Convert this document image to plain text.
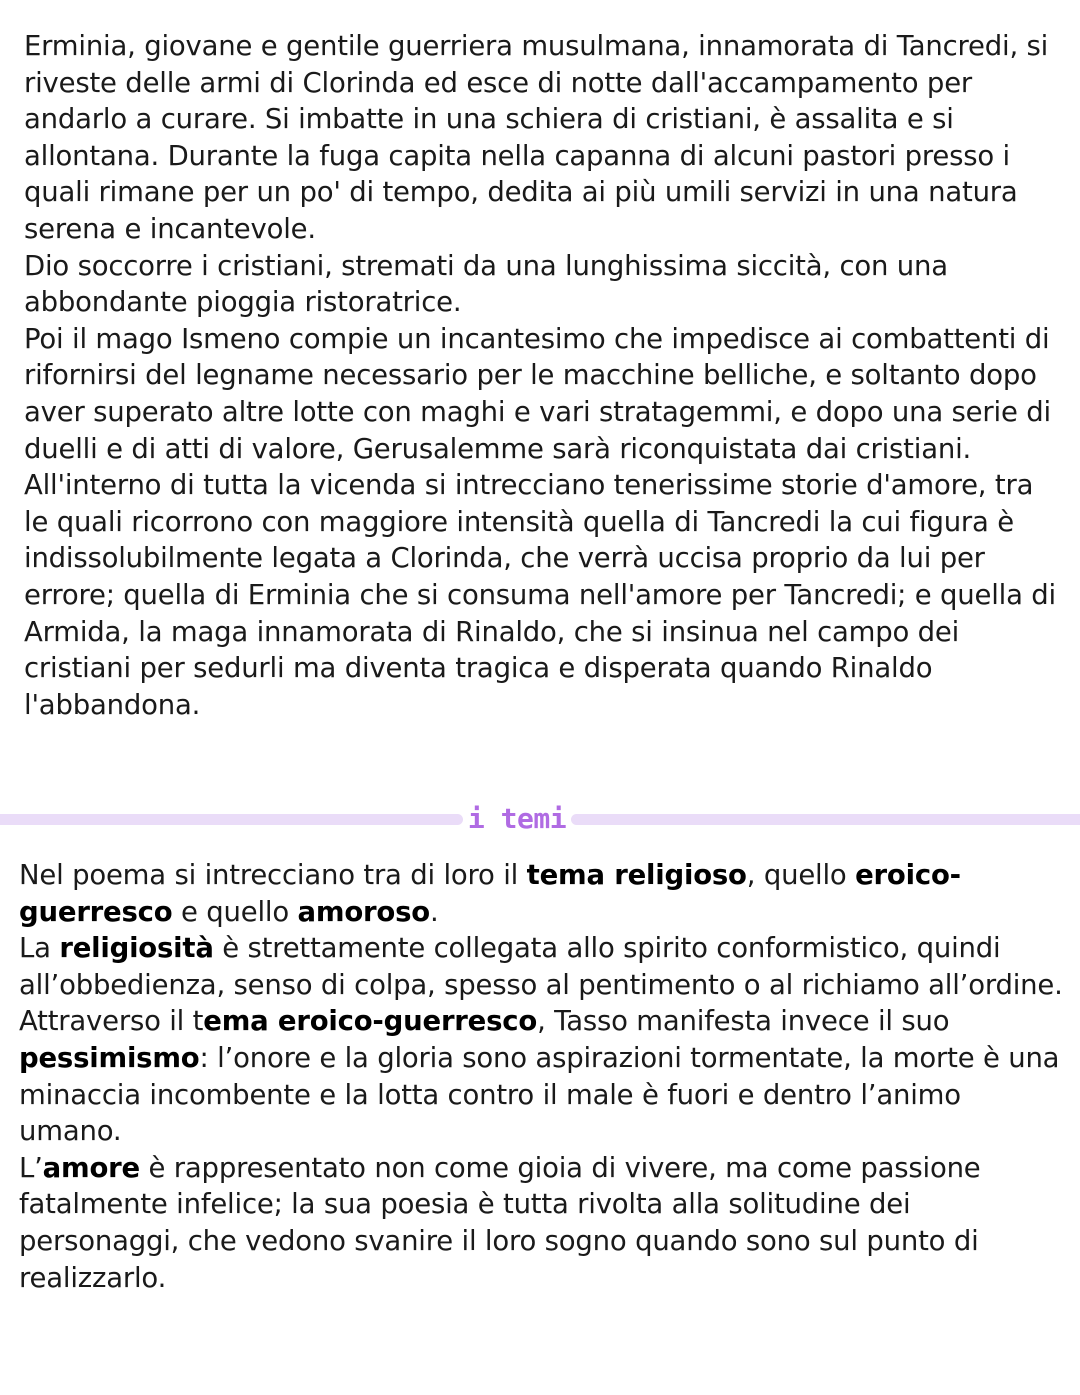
Erminia, giovane e gentile guerriera musulmana, innamorata di Tancredi, si riveste delle armi di Clorinda ed esce di notte dall'accampamento per andarlo a curare. Si imbatte in una schiera di cristiani, è assalita e si allontana. Durante la fuga capita nella capanna di alcuni pastori presso i quali rimane per un po' di tempo, dedita ai più umili servizi in una natura serena e incantevole.

Dio soccorre i cristiani, stremati da una lunghissima siccità, con una abbondante pioggia ristoratrice.

Poi il mago Ismeno compie un incantesimo che impedisce ai combattenti di rifornirsi del legname necessario per le macchine belliche, e soltanto dopo aver superato altre lotte con maghi e vari stratagemmi, e dopo una serie di duelli e di atti di valore, Gerusalemme sarà riconquistata dai cristiani.

All'interno di tutta la vicenda si intrecciano tenerissime storie d'amore, tra le quali ricorrono con maggiore intensità quella di Tancredi la cui figura è indissolubilmente legata a Clorinda, che verrà uccisa proprio da lui per errore; quella di Erminia che si consuma nell'amore per Tancredi; e quella di Armida, la maga innamorata di Rinaldo, che si insinua nel campo dei cristiani per sedurli ma diventa tragica e disperata quando Rinaldo l'abbandona.

i temi

Nel poema si intrecciano tra di loro il tema religioso, quello eroico-guerresco e quello amoroso.

La religiosità è strettamente collegata allo spirito conformistico, quindi all’obbedienza, senso di colpa, spesso al pentimento o al richiamo all’ordine.

Attraverso il tema eroico-guerresco, Tasso manifesta invece il suo pessimismo: l’onore e la gloria sono aspirazioni tormentate, la morte è una minaccia incombente e la lotta contro il male è fuori e dentro l’animo umano.

L’amore è rappresentato non come gioia di vivere, ma come passione fatalmente infelice; la sua poesia è tutta rivolta alla solitudine dei personaggi, che vedono svanire il loro sogno quando sono sul punto di realizzarlo.
